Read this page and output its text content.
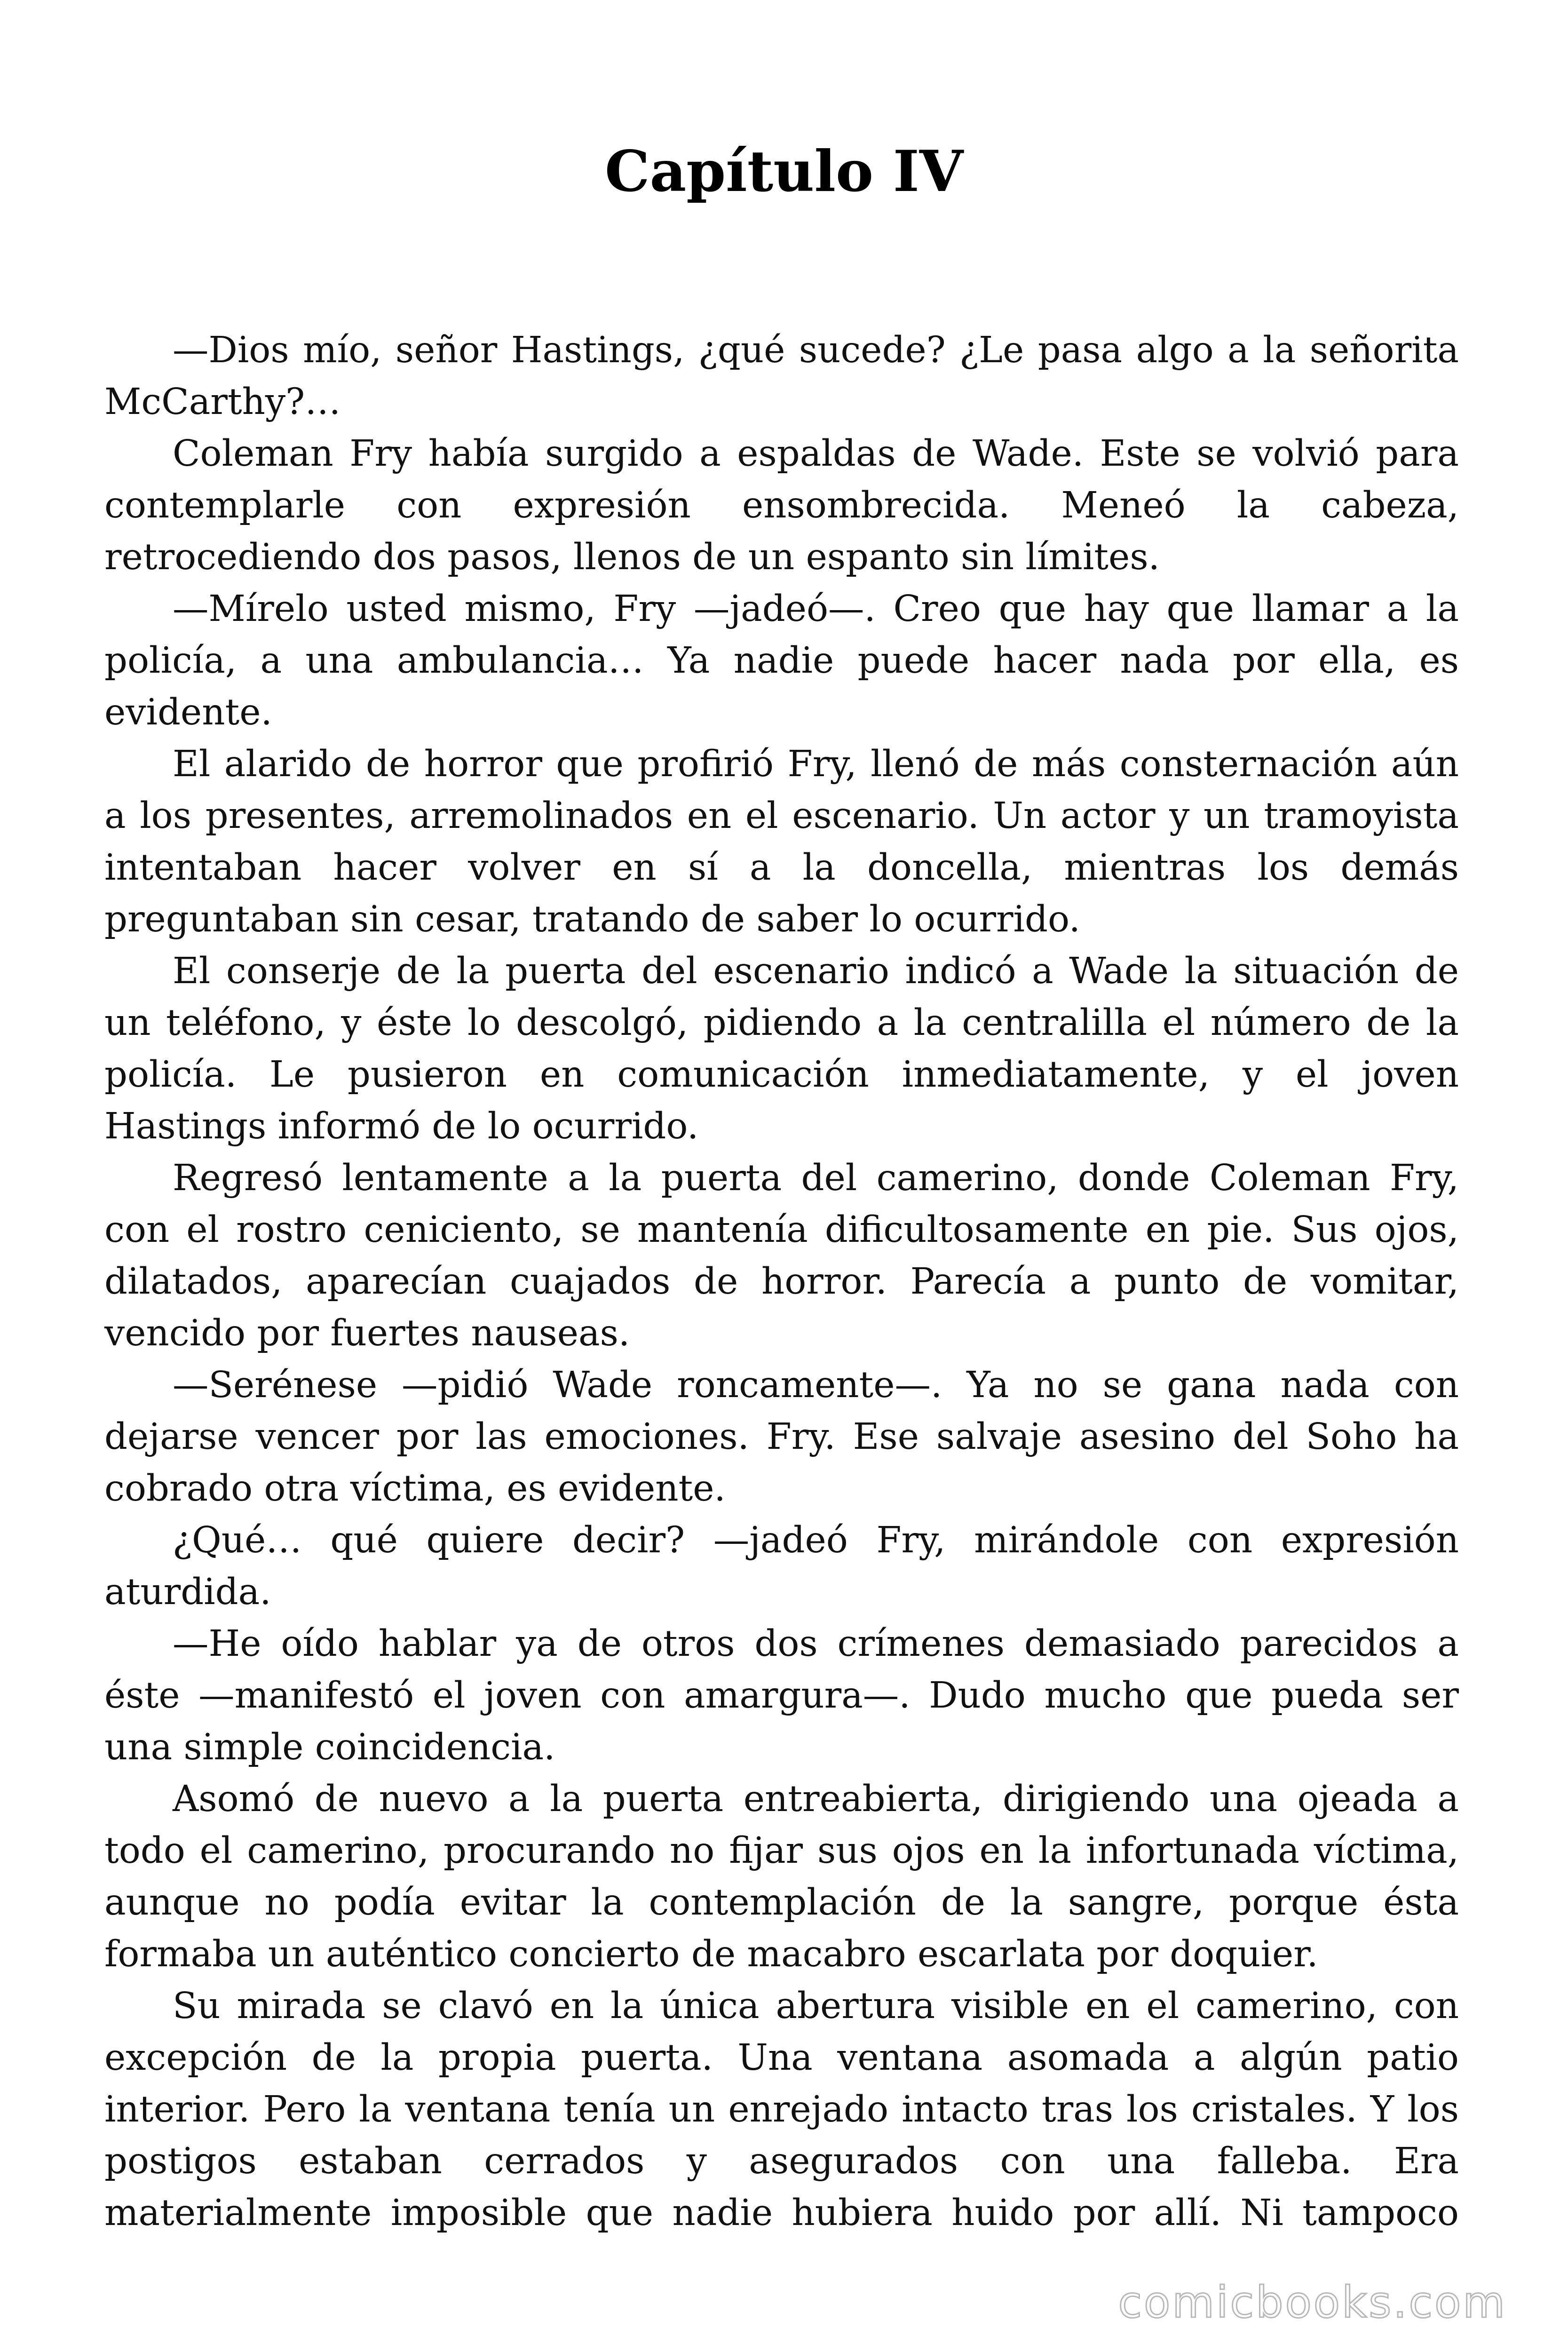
Capítulo IV

—Dios mío, señor Hastings, ¿qué sucede? ¿Le pasa algo a la señorita McCarthy?…

Coleman Fry había surgido a espaldas de Wade. Este se volvió para contemplarle con expresión ensombrecida. Meneó la cabeza, retrocediendo dos pasos, llenos de un espanto sin límites.

—Mírelo usted mismo, Fry —jadeó—. Creo que hay que llamar a la policía, a una ambulancia… Ya nadie puede hacer nada por ella, es evidente.

El alarido de horror que profirió Fry, llenó de más consternación aún a los presentes, arremolinados en el escenario. Un actor y un tramoyista intentaban hacer volver en sí a la doncella, mientras los demás preguntaban sin cesar, tratando de saber lo ocurrido.

El conserje de la puerta del escenario indicó a Wade la situación de un teléfono, y éste lo descolgó, pidiendo a la centralilla el número de la policía. Le pusieron en comunicación inmediatamente, y el joven Hastings informó de lo ocurrido.

Regresó lentamente a la puerta del camerino, donde Coleman Fry, con el rostro ceniciento, se mantenía dificultosamente en pie. Sus ojos, dilatados, aparecían cuajados de horror. Parecía a punto de vomitar, vencido por fuertes nauseas.

—Serénese —pidió Wade roncamente—. Ya no se gana nada con dejarse vencer por las emociones. Fry. Ese salvaje asesino del Soho ha cobrado otra víctima, es evidente.

¿Qué… qué quiere decir? —jadeó Fry, mirándole con expresión aturdida.

—He oído hablar ya de otros dos crímenes demasiado parecidos a éste —manifestó el joven con amargura—. Dudo mucho que pueda ser una simple coincidencia.

Asomó de nuevo a la puerta entreabierta, dirigiendo una ojeada a todo el camerino, procurando no fijar sus ojos en la infortunada víctima, aunque no podía evitar la contemplación de la sangre, porque ésta formaba un auténtico concierto de macabro escarlata por doquier.

Su mirada se clavó en la única abertura visible en el camerino, con excepción de la propia puerta. Una ventana asomada a algún patio interior. Pero la ventana tenía un enrejado intacto tras los cristales. Y los postigos estaban cerrados y asegurados con una falleba. Era materialmente imposible que nadie hubiera huido por allí. Ni tampoco

comicbooks.com
